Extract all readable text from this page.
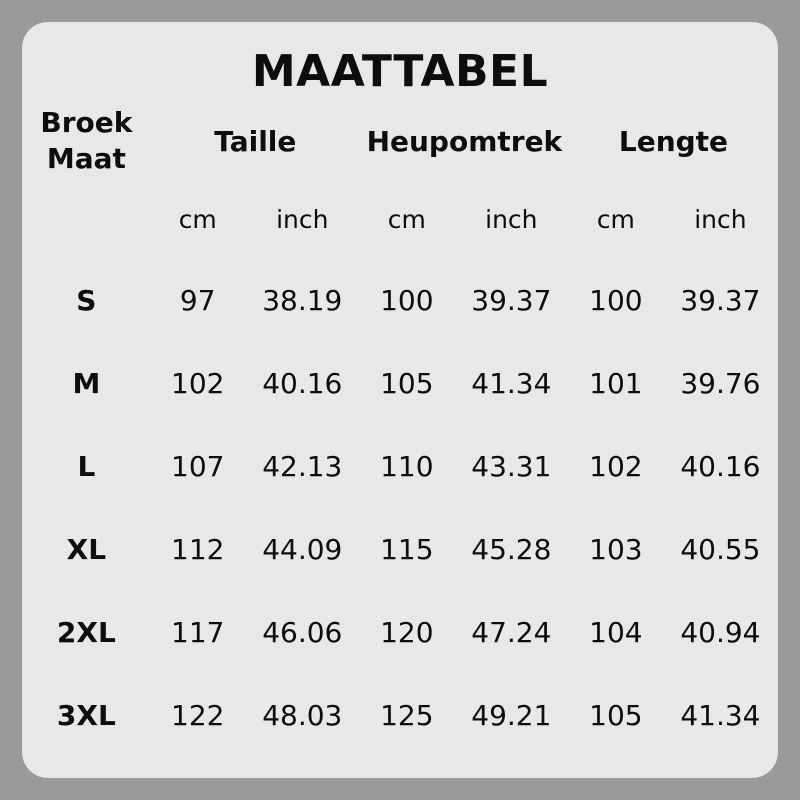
MAATTABEL
Broek
Maat	Taille		Heupomtrek		Lengte	
	cm	inch	cm	inch	cm	inch
S	97	38.19	100	39.37	100	39.37
M	102	40.16	105	41.34	101	39.76
L	107	42.13	110	43.31	102	40.16
XL	112	44.09	115	45.28	103	40.55
2XL	117	46.06	120	47.24	104	40.94
3XL	122	48.03	125	49.21	105	41.34
